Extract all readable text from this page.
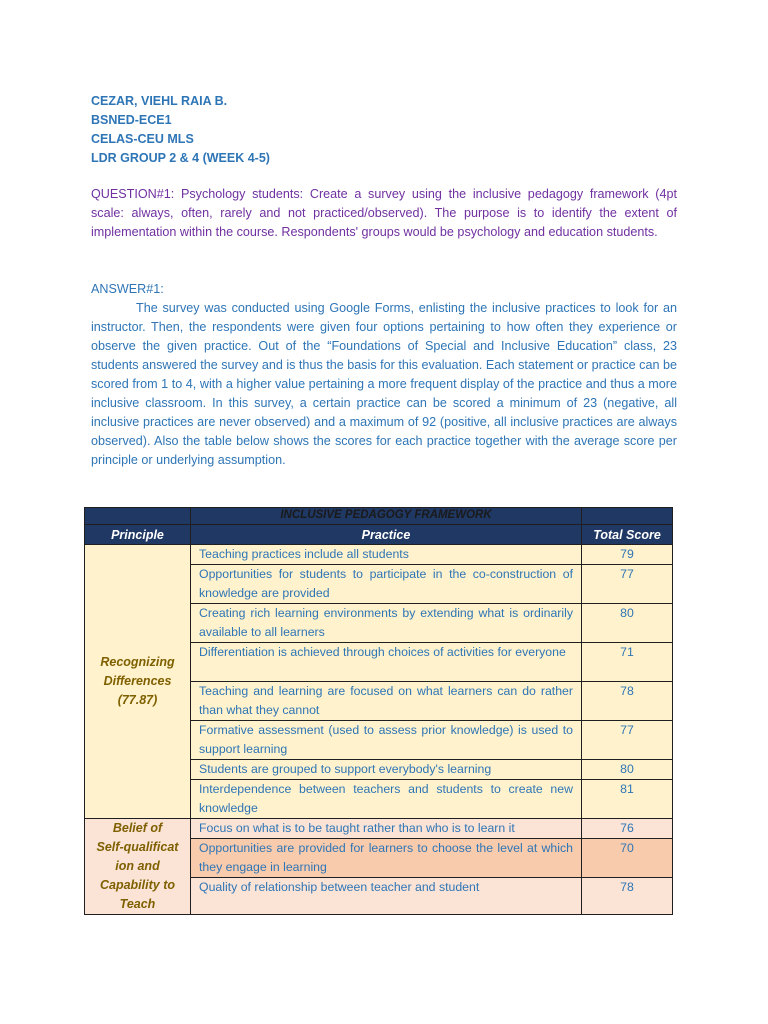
CEZAR, VIEHL RAIA B.
BSNED-ECE1
CELAS-CEU MLS
LDR GROUP 2 & 4 (WEEK 4-5)
QUESTION#1: Psychology students: Create a survey using the inclusive pedagogy framework (4pt scale: always, often, rarely and not practiced/observed). The purpose is to identify the extent of implementation within the course. Respondents' groups would be psychology and education students.
ANSWER#1:
The survey was conducted using Google Forms, enlisting the inclusive practices to look for an instructor. Then, the respondents were given four options pertaining to how often they experience or observe the given practice. Out of the “Foundations of Special and Inclusive Education” class, 23 students answered the survey and is thus the basis for this evaluation. Each statement or practice can be scored from 1 to 4, with a higher value pertaining a more frequent display of the practice and thus a more inclusive classroom. In this survey, a certain practice can be scored a minimum of 23 (negative, all inclusive practices are never observed) and a maximum of 92 (positive, all inclusive practices are always observed). Also the table below shows the scores for each practice together with the average score per principle or underlying assumption.
	INCLUSIVE PEDAGOGY FRAMEWORK	
Principle	Practice	Total Score

Recognizing
Differences
(77.87)	Teaching practices include all students	79
	Opportunities for students to participate in the co-construction of knowledge are provided	77
	Creating rich learning environments by extending what is ordinarily available to all learners	80
	Differentiation is achieved through choices of activities for everyone	71
	Teaching and learning are focused on what learners can do rather than what they cannot	78
	Formative assessment (used to assess prior knowledge) is used to support learning	77
	Students are grouped to support everybody's learning	80
	Interdependence between teachers and students to create new knowledge	81

Belief of
Self-qualificat
ion and
Capability to
Teach	Focus on what is to be taught rather than who is to learn it	76
	Opportunities are provided for learners to choose the level at which they engage in learning	70
	Quality of relationship between teacher and student	78
